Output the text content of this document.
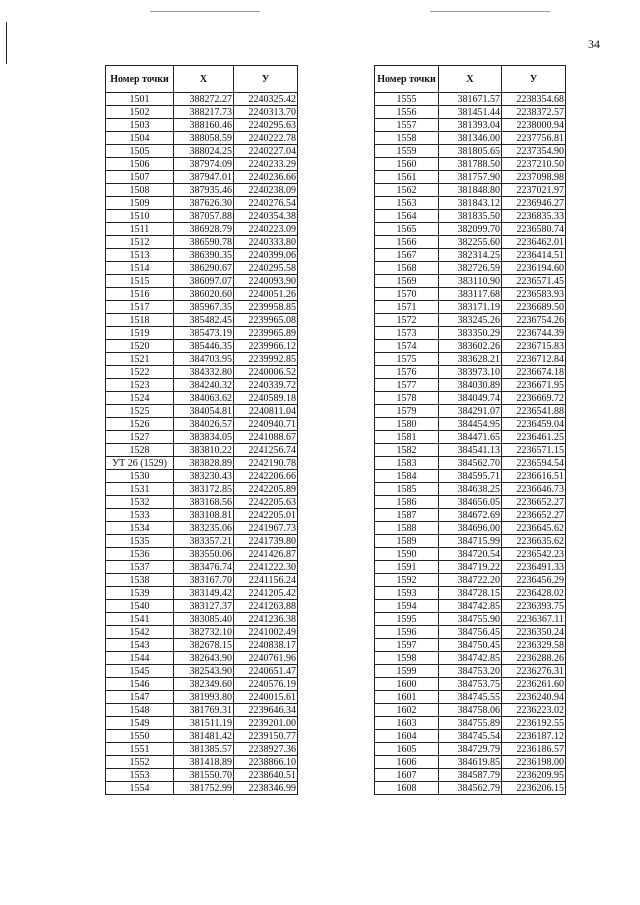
34
Номер точки	Х	У
1501	388272.27	2240325.42
1502	388217.73	2240313.70
1503	388160.46	2240295.63
1504	388058.59	2240222.78
1505	388024.25	2240227.04
1506	387974.09	2240233.29
1507	387947.01	2240236.66
1508	387935.46	2240238.09
1509	387626.30	2240276.54
1510	387057.88	2240354.38
1511	386928.79	2240223.09
1512	386590.78	2240333.80
1513	386390.35	2240399.06
1514	386290.67	2240295.58
1515	386097.07	2240093.90
1516	386020.60	2240051.26
1517	385967.35	2239958.85
1518	385482.45	2239965.08
1519	385473.19	2239965.89
1520	385446.35	2239966.12
1521	384703.95	2239992.85
1522	384332.80	2240006.52
1523	384240.32	2240339.72
1524	384063.62	2240589.18
1525	384054.81	2240811.04
1526	384026.57	2240940.71
1527	383834.05	2241088.67
1528	383810.22	2241256.74
УТ 26 (1529)	383828.89	2242190.78
1530	383230.43	2242206.66
1531	383172.85	2242205.89
1532	383168.56	2242205.63
1533	383108.81	2242205.01
1534	383235.06	2241967.73
1535	383357.21	2241739.80
1536	383550.06	2241426.87
1537	383476.74	2241222.30
1538	383167.70	2241156.24
1539	383149.42	2241205.42
1540	383127.37	2241263.88
1541	383085.40	2241236.38
1542	382732.10	2241002.49
1543	382678.15	2240838.17
1544	382643.90	2240761.96
1545	382543.90	2240651.47
1546	382349.60	2240576.19
1547	381993.80	2240015.61
1548	381769.31	2239646.34
1549	381511.19	2239201.00
1550	381481.42	2239150.77
1551	381385.57	2238927.36
1552	381418.89	2238866.10
1553	381550.70	2238640.51
1554	381752.99	2238346.99
Номер точки	Х	У
1555	381671.57	2238354.68
1556	381451.44	2238372.57
1557	381393.04	2238000.94
1558	381346.00	2237756.81
1559	381805.65	2237354.90
1560	381788.50	2237210.50
1561	381757.90	2237098.98
1562	381848.80	2237021.97
1563	381843.12	2236946.27
1564	381835.50	2236835.33
1565	382099.70	2236580.74
1566	382255.60	2236462.01
1567	382314.25	2236414.51
1568	382726.59	2236194.60
1569	383110.90	2236571.45
1570	383117.68	2236583.93
1571	383171.19	2236689.50
1572	383245.26	2236754.26
1573	383350.29	2236744.39
1574	383602.26	2236715.83
1575	383628.21	2236712.84
1576	383973.10	2236674.18
1577	384030.89	2236671.95
1578	384049.74	2236669.72
1579	384291.07	2236541.88
1580	384454.95	2236459.04
1581	384471.65	2236461.25
1582	384541.13	2236571.15
1583	384562.70	2236594.54
1584	384595.71	2236616.51
1585	384638.25	2236646.73
1586	384656.05	2236652.27
1587	384672.69	2236652.27
1588	384696.00	2236645.62
1589	384715.99	2236635.62
1590	384720.54	2236542.23
1591	384719.22	2236491.33
1592	384722.20	2236456.29
1593	384728.15	2236428.02
1594	384742.85	2236393.75
1595	384755.90	2236367.11
1596	384756.45	2236350.24
1597	384750.45	2236329.58
1598	384742.85	2236288.26
1599	384753.20	2236276.31
1600	384753.75	2236261.60
1601	384745.55	2236240.94
1602	384758.06	2236223.02
1603	384755.89	2236192.55
1604	384745.54	2236187.12
1605	384729.79	2236186.57
1606	384619.85	2236198.00
1607	384587.79	2236209.95
1608	384562.79	2236206.15
